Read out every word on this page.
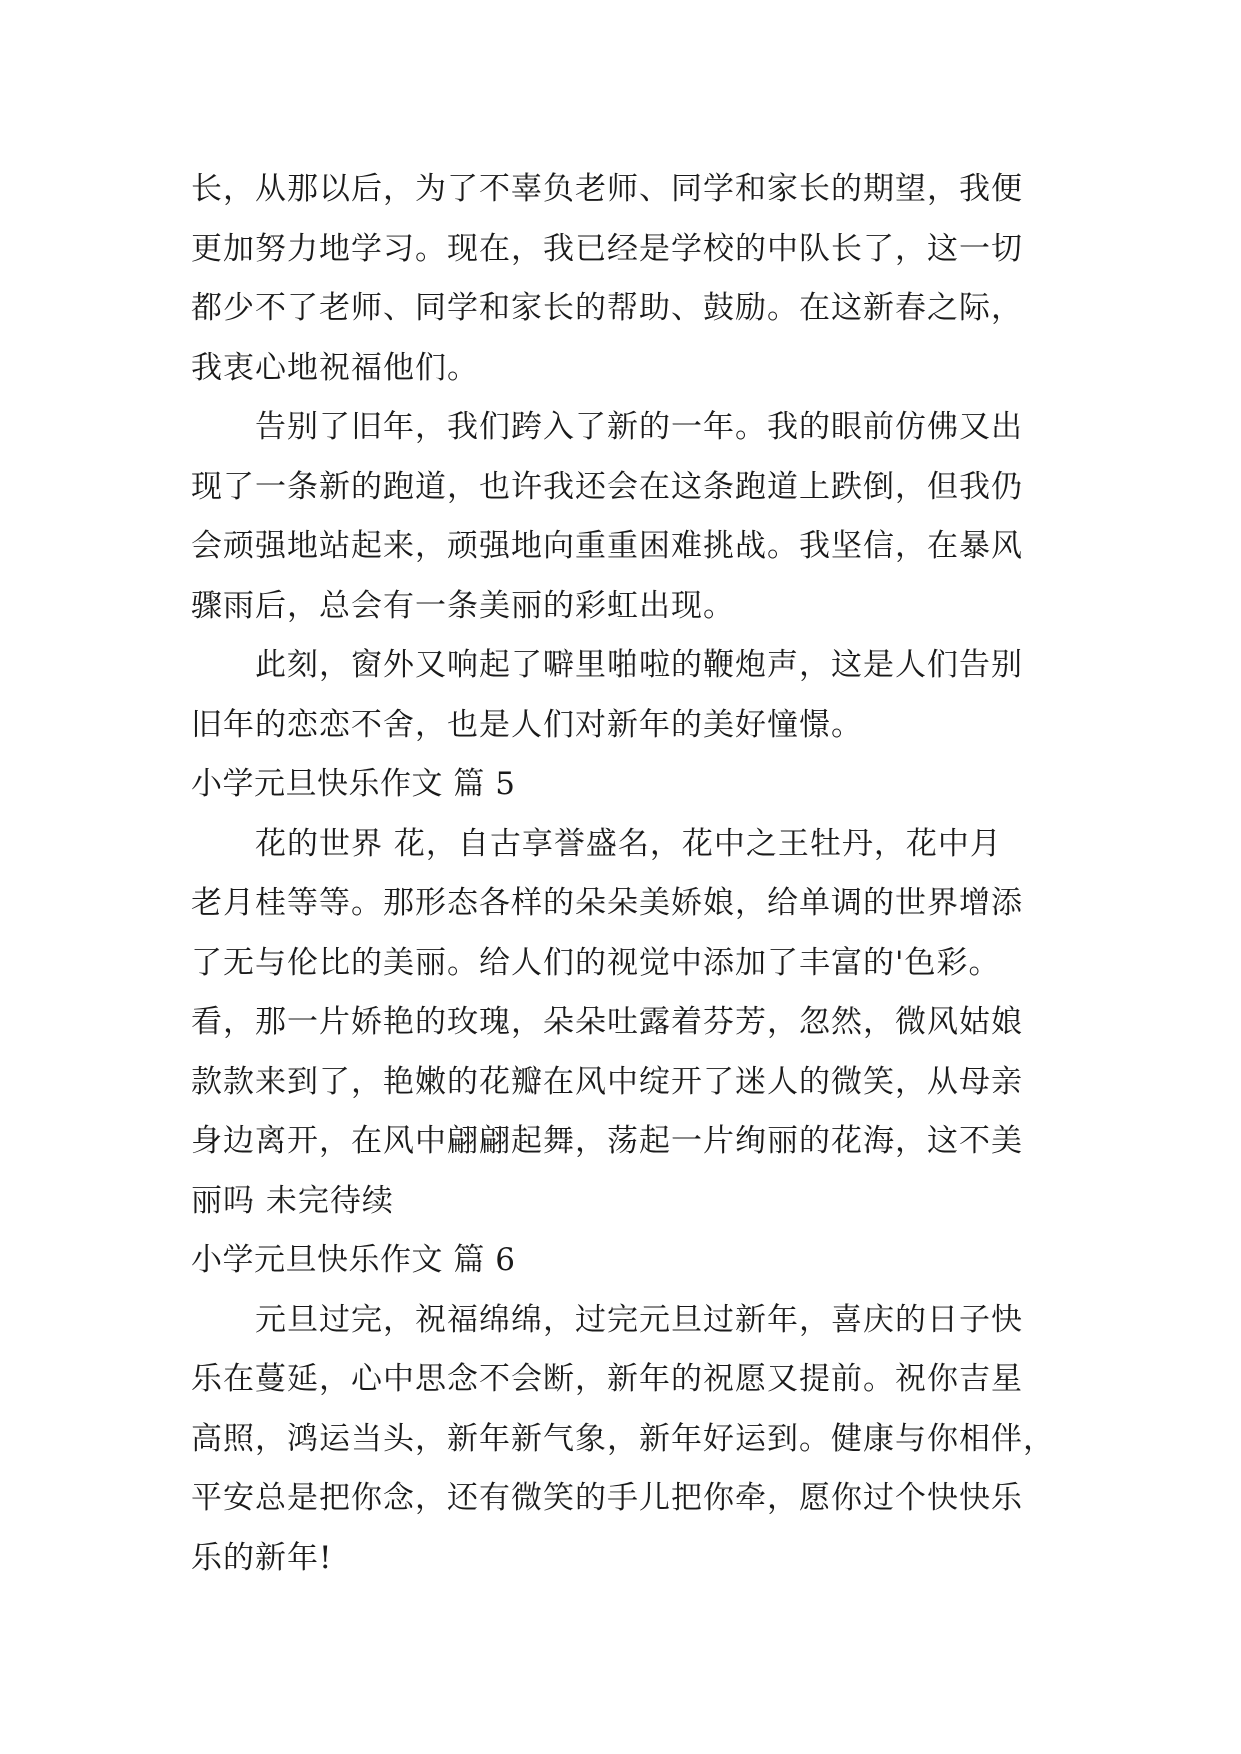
长，从那以后，为了不辜负老师、同学和家长的期望，我便
更加努力地学习。现在，我已经是学校的中队长了，这一切
都少不了老师、同学和家长的帮助、鼓励。在这新春之际，
我衷心地祝福他们。
告别了旧年，我们跨入了新的一年。我的眼前仿佛又出
现了一条新的跑道，也许我还会在这条跑道上跌倒，但我仍
会顽强地站起来，顽强地向重重困难挑战。我坚信，在暴风
骤雨后，总会有一条美丽的彩虹出现。
此刻，窗外又响起了噼里啪啦的鞭炮声，这是人们告别
旧年的恋恋不舍，也是人们对新年的美好憧憬。
小学元旦快乐作文 篇 5
花的世界 花，自古享誉盛名，花中之王牡丹，花中月
老月桂等等。那形态各样的朵朵美娇娘，给单调的世界增添
了无与伦比的美丽。给人们的视觉中添加了丰富的'色彩。
看，那一片娇艳的玫瑰，朵朵吐露着芬芳，忽然，微风姑娘
款款来到了，艳嫩的花瓣在风中绽开了迷人的微笑，从母亲
身边离开，在风中翩翩起舞，荡起一片绚丽的花海，这不美
丽吗 未完待续
小学元旦快乐作文 篇 6
元旦过完，祝福绵绵，过完元旦过新年，喜庆的日子快
乐在蔓延，心中思念不会断，新年的祝愿又提前。祝你吉星
高照，鸿运当头，新年新气象，新年好运到。健康与你相伴，
平安总是把你念，还有微笑的手儿把你牵，愿你过个快快乐
乐的新年!
